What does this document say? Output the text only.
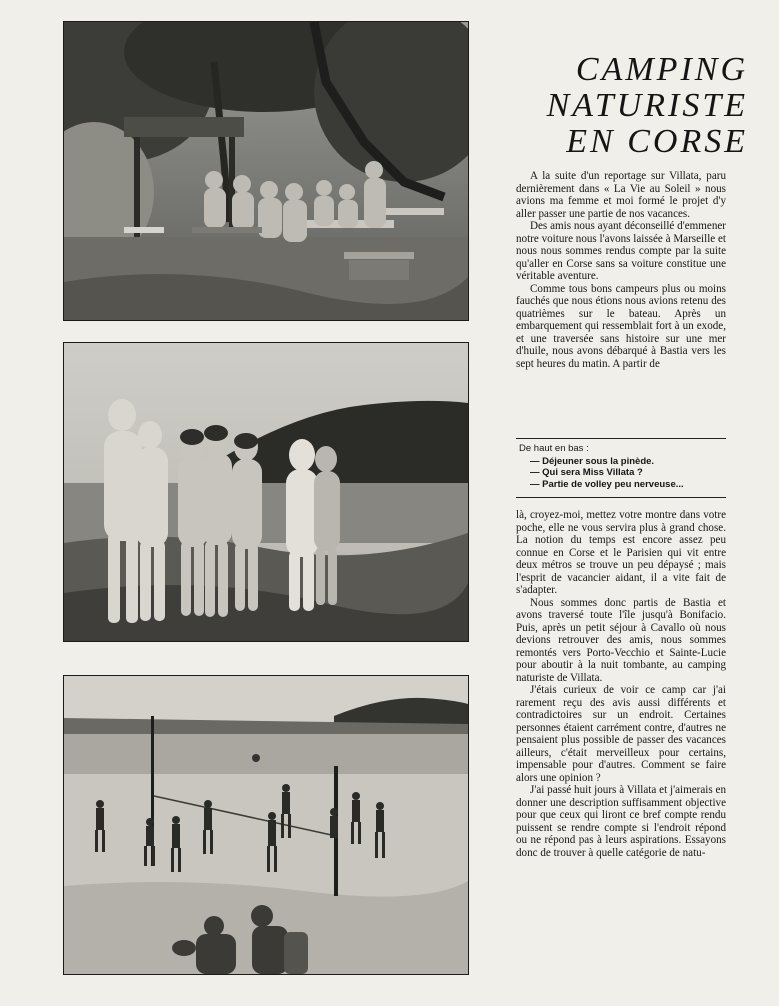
CAMPING
NATURISTE
EN CORSE

A la suite d'un reportage sur Villata, paru dernièrement dans « La Vie au Soleil » nous avions ma femme et moi formé le projet d'y aller passer une partie de nos vacances.

Des amis nous ayant déconseillé d'emmener notre voiture nous l'avons laissée à Marseille et nous nous sommes rendus compte par la suite qu'aller en Corse sans sa voiture constitue une véritable aventure.

Comme tous bons campeurs plus ou moins fauchés que nous étions nous avions retenu des quatrièmes sur le bateau. Après un embarquement qui ressemblait fort à un exode, et une traversée sans histoire sur une mer d'huile, nous avons débarqué à Bastia vers les sept heures du matin. A partir de

De haut en bas :
— Déjeuner sous la pinède.
— Qui sera Miss Villata ?
— Partie de volley peu nerveuse...

là, croyez-moi, mettez votre montre dans votre poche, elle ne vous servira plus à grand chose. La notion du temps est encore assez peu connue en Corse et le Parisien qui vit entre deux métros se trouve un peu dépaysé ; mais l'esprit de vacancier aidant, il a vite fait de s'adapter.

Nous sommes donc partis de Bastia et avons traversé toute l'île jusqu'à Bonifacio. Puis, après un petit séjour à Cavallo où nous devions retrouver des amis, nous sommes remontés vers Porto-Vecchio et Sainte-Lucie pour aboutir à la nuit tombante, au camping naturiste de Villata.

J'étais curieux de voir ce camp car j'ai rarement reçu des avis aussi différents et contradictoires sur un endroit. Certaines personnes étaient carrément contre, d'autres ne pensaient plus possible de passer des vacances ailleurs, c'était merveilleux pour certains, impensable pour d'autres. Comment se faire alors une opinion ?

J'ai passé huit jours à Villata et j'aimerais en donner une description suffisamment objective pour que ceux qui liront ce bref compte rendu puissent se rendre compte si l'endroit répond ou ne répond pas à leurs aspirations. Essayons donc de trouver à quelle catégorie de natu-
